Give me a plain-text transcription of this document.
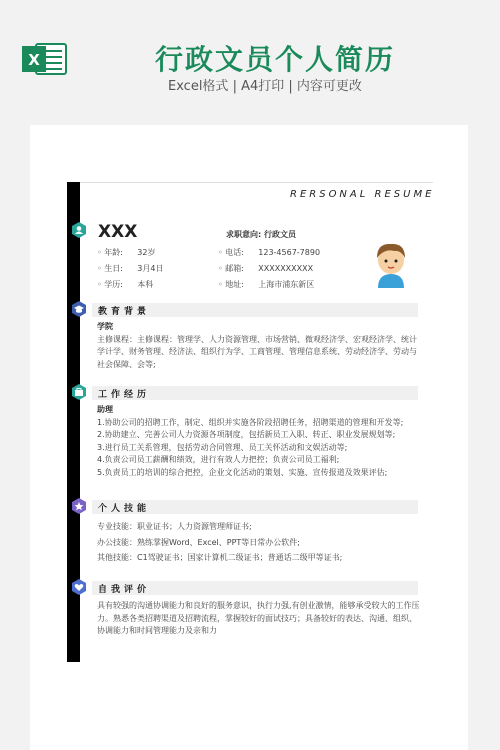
X	行政文员个人简历
Excel格式 | A4打印 | 内容可更改
RERSONAL RESUME
XXX	求职意向: 行政文员
◦ 年龄: 32岁
◦ 生日: 3月4日
◦ 学历: 本科
◦ 电话: 123-4567-7890
◦ 邮箱: XXXXXXXXXX
◦ 地址: 上海市浦东新区
教育背景
学院
主修课程：主修课程：管理学、人力资源管理、市场营销、微观经济学、宏观经济学、统计学计学、财务管理、经济法、组织行为学、工商管理、管理信息系统、劳动经济学、劳动与社会保障、会等;
工作经历
助理
1.协助公司的招聘工作，制定、组织并实施各阶段招聘任务，招聘渠道的管理和开发等;
2.协助建立、完善公司人力资源各项制度，包括新员工入职、转正、职业发展规划等;
3.进行员工关系管理，包括劳动合同管理、员工关怀活动和文娱活动等;
4.负责公司员工薪酬和绩效，进行有效人力把控；负责公司员工福利;
5.负责员工的培训的综合把控，企业文化活动的策划、实施、宣传报道及效果评估;
个人技能
专业技能：职业证书；人力资源管理师证书;
办公技能：熟练掌握Word、Excel、PPT等日常办公软件;
其他技能：C1驾驶证书；国家计算机二级证书；普通话二级甲等证书;
自我评价
具有较强的沟通协调能力和良好的服务意识，执行力强,有创业激情，能够承受较大的工作压力。熟悉各类招聘渠道及招聘流程，掌握较好的面试技巧；具备较好的表达、沟通、组织、协调能力和时间管理能力及亲和力
